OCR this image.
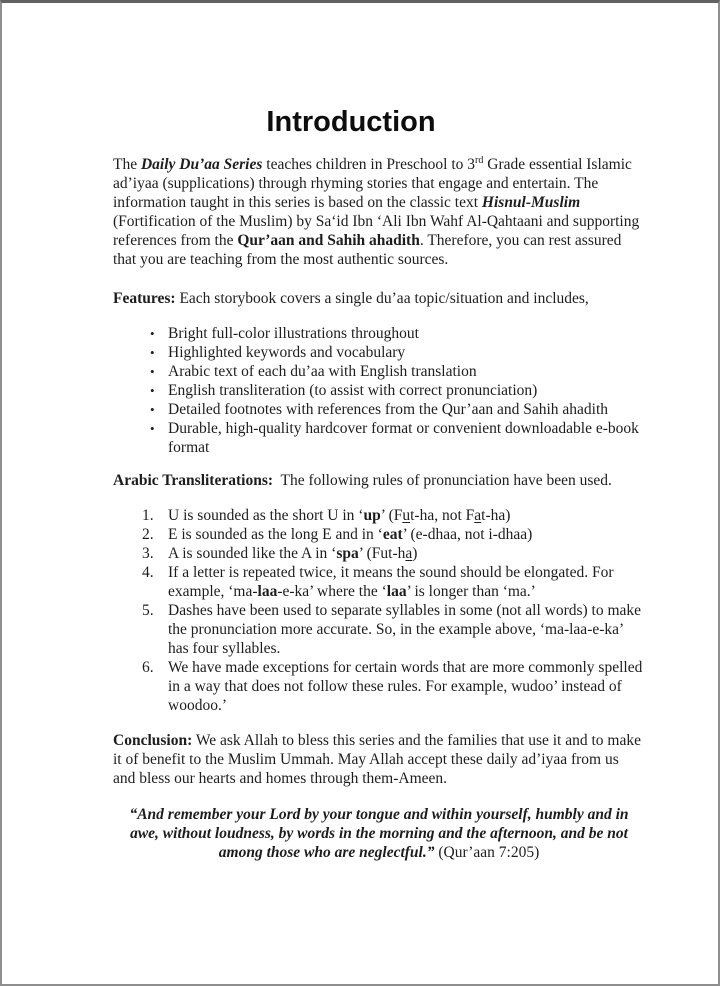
Introduction
The Daily Du’aa Series teaches children in Preschool to 3rd Grade essential Islamic ad’iyaa (supplications) through rhyming stories that engage and entertain. The information taught in this series is based on the classic text Hisnul-Muslim (Fortification of the Muslim) by Sa‘id Ibn ‘Ali Ibn Wahf Al-Qahtaani and supporting references from the Qur’aan and Sahih ahadith. Therefore, you can rest assured that you are teaching from the most authentic sources.
Features: Each storybook covers a single du’aa topic/situation and includes,
• Bright full-color illustrations throughout
• Highlighted keywords and vocabulary
• Arabic text of each du’aa with English translation
• English transliteration (to assist with correct pronunciation)
• Detailed footnotes with references from the Qur’aan and Sahih ahadith
• Durable, high-quality hardcover format or convenient downloadable e-book format
Arabic Transliterations:  The following rules of pronunciation have been used.
1. U is sounded as the short U in ‘up’ (Fut-ha, not Fat-ha)
2. E is sounded as the long E and in ‘eat’ (e-dhaa, not i-dhaa)
3. A is sounded like the A in ‘spa’ (Fut-ha)
4. If a letter is repeated twice, it means the sound should be elongated. For example, ‘ma-laa-e-ka’ where the ‘laa’ is longer than ‘ma.’
5. Dashes have been used to separate syllables in some (not all words) to make the pronunciation more accurate. So, in the example above, ‘ma-laa-e-ka’ has four syllables.
6. We have made exceptions for certain words that are more commonly spelled in a way that does not follow these rules. For example, wudoo’ instead of woodoo.’
Conclusion: We ask Allah to bless this series and the families that use it and to make it of benefit to the Muslim Ummah. May Allah accept these daily ad’iyaa from us and bless our hearts and homes through them-Ameen.
“And remember your Lord by your tongue and within yourself, humbly and in awe, without loudness, by words in the morning and the afternoon, and be not among those who are neglectful.” (Qur’aan 7:205)
